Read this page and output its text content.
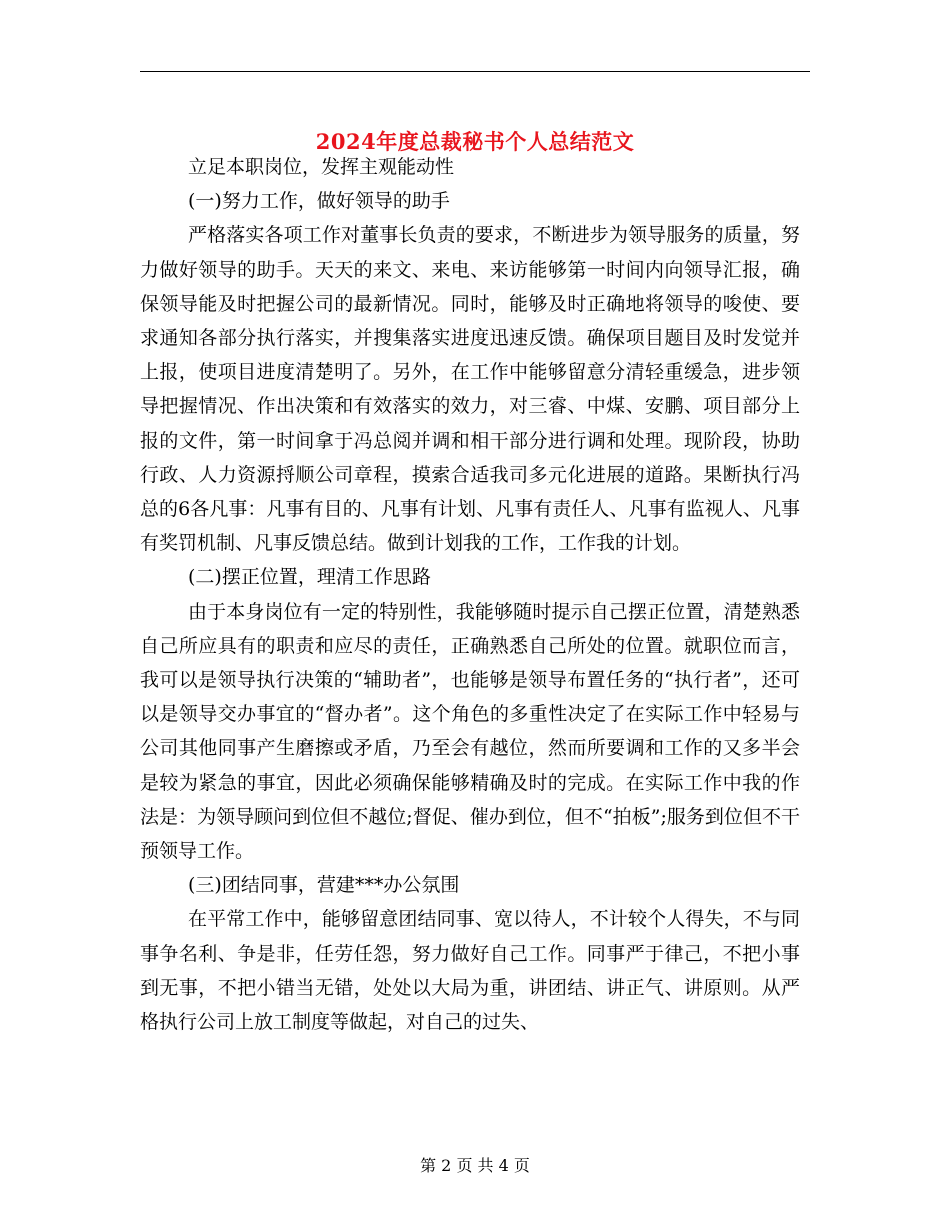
2024年度总裁秘书个人总结范文

立足本职岗位，发挥主观能动性

(一)努力工作，做好领导的助手

严格落实各项工作对董事长负责的要求，不断进步为领导服务的质量，努力做好领导的助手。天天的来文、来电、来访能够第一时间内向领导汇报，确保领导能及时把握公司的最新情况。同时，能够及时正确地将领导的唆使、要求通知各部分执行落实，并搜集落实进度迅速反馈。确保项目题目及时发觉并上报，使项目进度清楚明了。另外，在工作中能够留意分清轻重缓急，进步领导把握情况、作出决策和有效落实的效力，对三睿、中煤、安鹏、项目部分上报的文件，第一时间拿于冯总阅并调和相干部分进行调和处理。现阶段，协助行政、人力资源捋顺公司章程，摸索合适我司多元化进展的道路。果断执行冯总的6各凡事：凡事有目的、凡事有计划、凡事有责任人、凡事有监视人、凡事有奖罚机制、凡事反馈总结。做到计划我的工作，工作我的计划。

(二)摆正位置，理清工作思路

由于本身岗位有一定的特别性，我能够随时提示自己摆正位置，清楚熟悉自己所应具有的职责和应尽的责任，正确熟悉自己所处的位置。就职位而言，我可以是领导执行决策的“辅助者”，也能够是领导布置任务的“执行者”，还可以是领导交办事宜的“督办者”。这个角色的多重性决定了在实际工作中轻易与公司其他同事产生磨擦或矛盾，乃至会有越位，然而所要调和工作的又多半会是较为紧急的事宜，因此必须确保能够精确及时的完成。在实际工作中我的作法是：为领导顾问到位但不越位;督促、催办到位，但不“拍板”;服务到位但不干预领导工作。

(三)团结同事，营建***办公氛围

在平常工作中，能够留意团结同事、宽以待人，不计较个人得失，不与同事争名利、争是非，任劳任怨，努力做好自己工作。同事严于律己，不把小事到无事，不把小错当无错，处处以大局为重，讲团结、讲正气、讲原则。从严格执行公司上放工制度等做起，对自己的过失、

第 2 页 共 4 页
